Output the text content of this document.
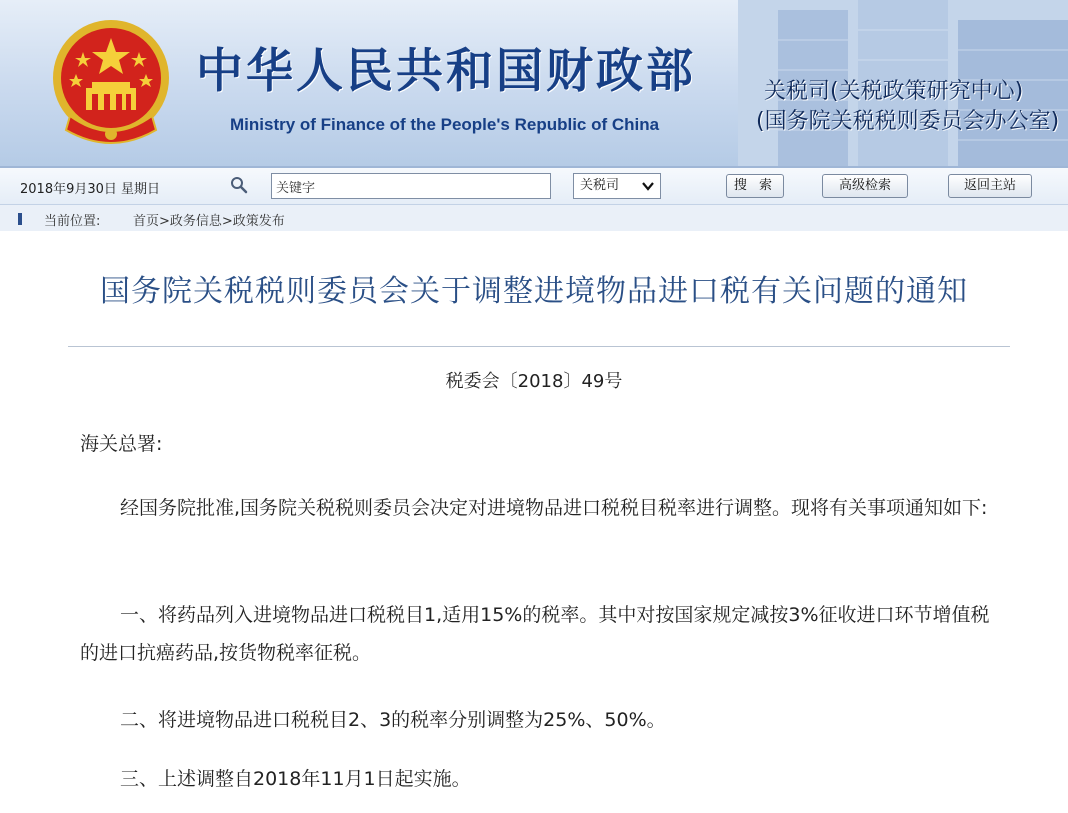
中华人民共和国财政部
Ministry of Finance of the People's Republic of China
关税司(关税政策研究中心)
(国务院关税税则委员会办公室)
2018年9月30日 星期日
关键字	关税司	搜 索	高级检索	返回主站
当前位置:	首页>政务信息>政策发布
国务院关税税则委员会关于调整进境物品进口税有关问题的通知
税委会〔2018〕49号
海关总署:
经国务院批准,国务院关税税则委员会决定对进境物品进口税税目税率进行调整。现将有关事项通知如下:
一、将药品列入进境物品进口税税目1,适用15%的税率。其中对按国家规定减按3%征收进口环节增值税的进口抗癌药品,按货物税率征税。
二、将进境物品进口税税目2、3的税率分别调整为25%、50%。
三、上述调整自2018年11月1日起实施。
